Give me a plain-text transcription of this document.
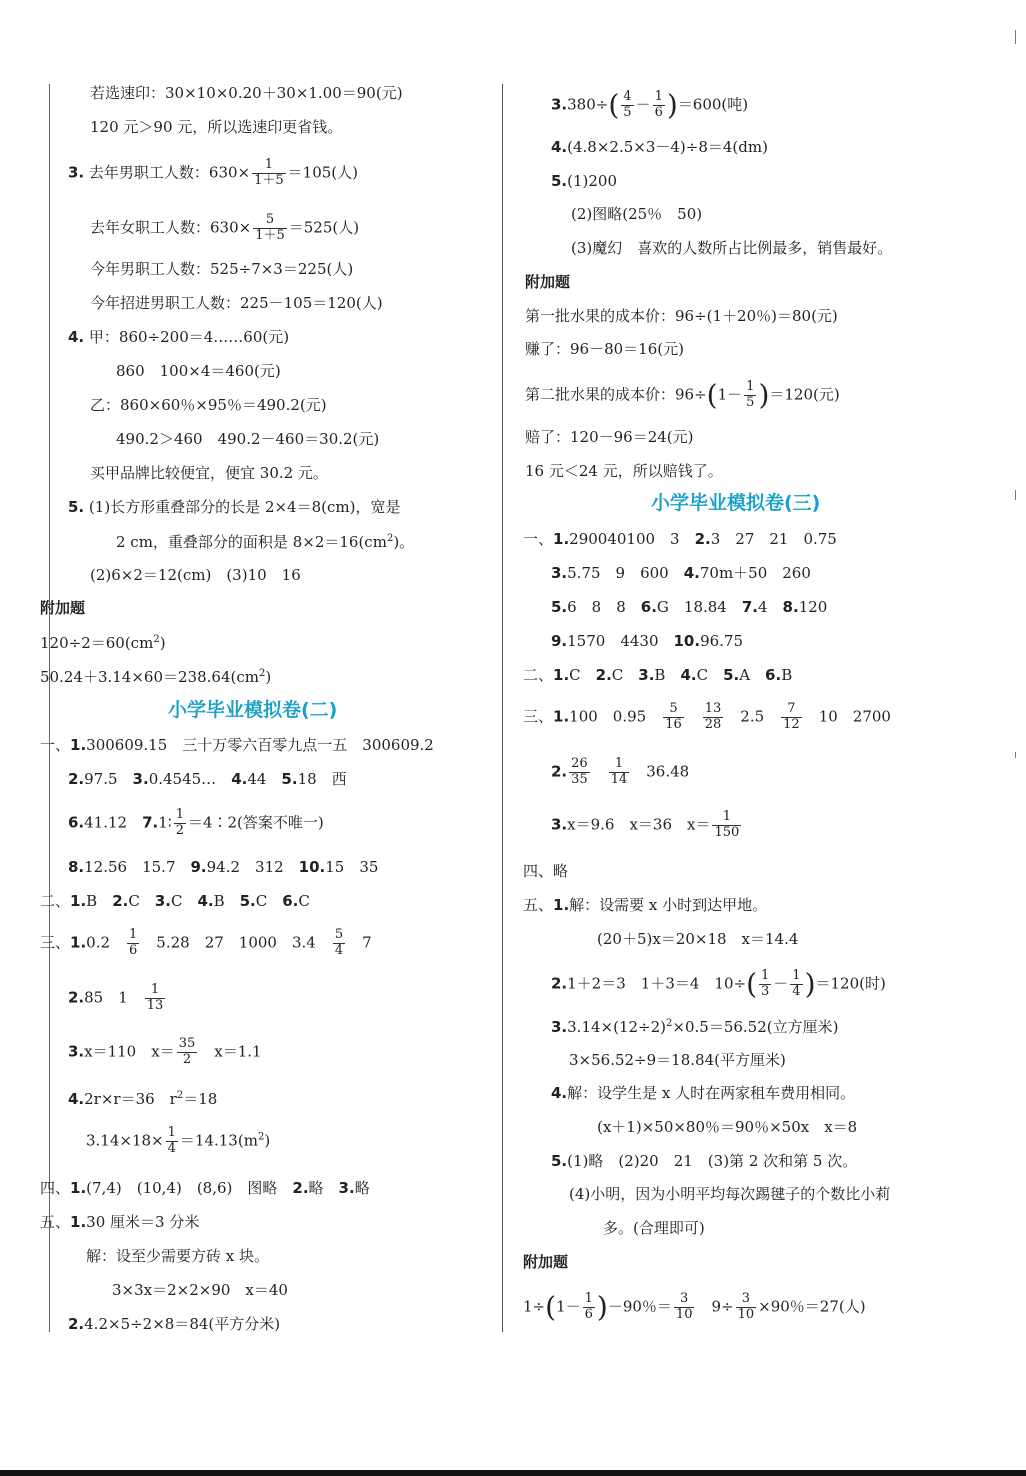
若选速印：30×10×0.20＋30×1.00＝90(元)
120 元＞90 元，所以选速印更省钱。
3. 去年男职工人数：$630\times \frac{1}{1+5} =105$(人)
去年女职工人数：$630\times \frac{5}{1+5} =525$(人)
今年男职工人数：525÷7×3＝225(人)
今年招进男职工人数：225－105＝120(人)
4. 甲：860÷200＝4……60(元)
860　100×4＝460(元)
乙：860×60％×95％＝490.2(元)
490.2＞460　490.2－460＝30.2(元)
买甲品牌比较便宜，便宜 30.2 元。
5. (1)长方形重叠部分的长是 2×4＝8(cm)，宽是
2 cm，重叠部分的面积是 $8\times 2=16(cm^2)$。
(2)6×2＝12(cm)　(3)10　16
附加题
$120\div 2=60(cm^2)$
$50.24+3.14\times 60=238.64(cm^2)$
小学毕业模拟卷(二)
一、1.300609.15　三十万零六百零九点一五　300609.2
2.97.5　3.0.4545…　4.44　5.18　西
6.41.12　7.1∶ $\frac{1}{2}$ ＝4∶2(答案不唯一)
8.12.56　15.7　9.94.2　312　10.15　35
二、1.B　2.C　3.C　4.B　5.C　6.C
三、1.0.2　 $\frac{1}{6}$ 　5.28　27　1000　3.4　 $\frac{5}{4}$ 　7
2.85　1　 $\frac{1}{13}$
3.x＝110　$x= \frac{35}{2}$ 　x＝1.1
4.2r×r＝36　$r^2=18$
$3.14\times 18\times \frac{1}{4} =14.13(m^2)$
四、1.(7,4)　(10,4)　(8,6)　图略　2.略　3.略
五、1.30 厘米＝3 分米
解：设至少需要方砖 x 块。
3×3x＝2×2×90　x＝40
2.4.2×5÷2×8＝84(平方分米)
$3.380\div( \frac{4}{5} - \frac{1}{6} )=600$(吨)
4.(4.8×2.5×3－4)÷8＝4(dm)
5.(1)200
(2)图略(25％　50)
(3)魔幻　喜欢的人数所占比例最多，销售最好。
附加题
第一批水果的成本价：96÷(1＋20％)＝80(元)
赚了：96－80＝16(元)
第二批水果的成本价：$96\div(1- \frac{1}{5} )=120$(元)
赔了：120－96＝24(元)
16 元＜24 元，所以赔钱了。
小学毕业模拟卷(三)
一、1.290040100　3　2.3　27　21　0.75
3.5.75　9　600　4.70m＋50　260
5.6　8　8　6.G　18.84　7.4　8.120
9.1570　4430　10.96.75
二、1.C　2.C　3.B　4.C　5.A　6.B
三、1.100　0.95　 $\frac{5}{16}$
　 $\frac{13}{28}$ 　2.5　 $\frac{7}{12}$ 　10　2700
2. $\frac{26}{35}$
　 $\frac{1}{14}$ 　36.48
3.x＝9.6　x＝36　$x= \frac{1}{150}$
四、略
五、1.解：设需要 x 小时到达甲地。
(20＋5)x＝20×18　x＝14.4
2.1＋2＝3　1＋3＝4　$10\div( \frac{1}{3} - \frac{1}{4} )=120$(时)
$3.3.14\times(12\div 2)^2\times 0.5=56.52$(立方厘米)
3×56.52÷9＝18.84(平方厘米)
4.解：设学生是 x 人时在两家租车费用相同。
(x＋1)×50×80％＝90％×50x　x＝8
5.(1)略　(2)20　21　(3)第 2 次和第 5 次。
(4)小明，因为小明平均每次踢毽子的个数比小莉
多。(合理即可)
附加题
$1\div(1- \frac{1}{6} )-90$％＝ $\frac{3}{10}$ 　$9\div \frac{3}{10} \times 90$％＝27(人)
